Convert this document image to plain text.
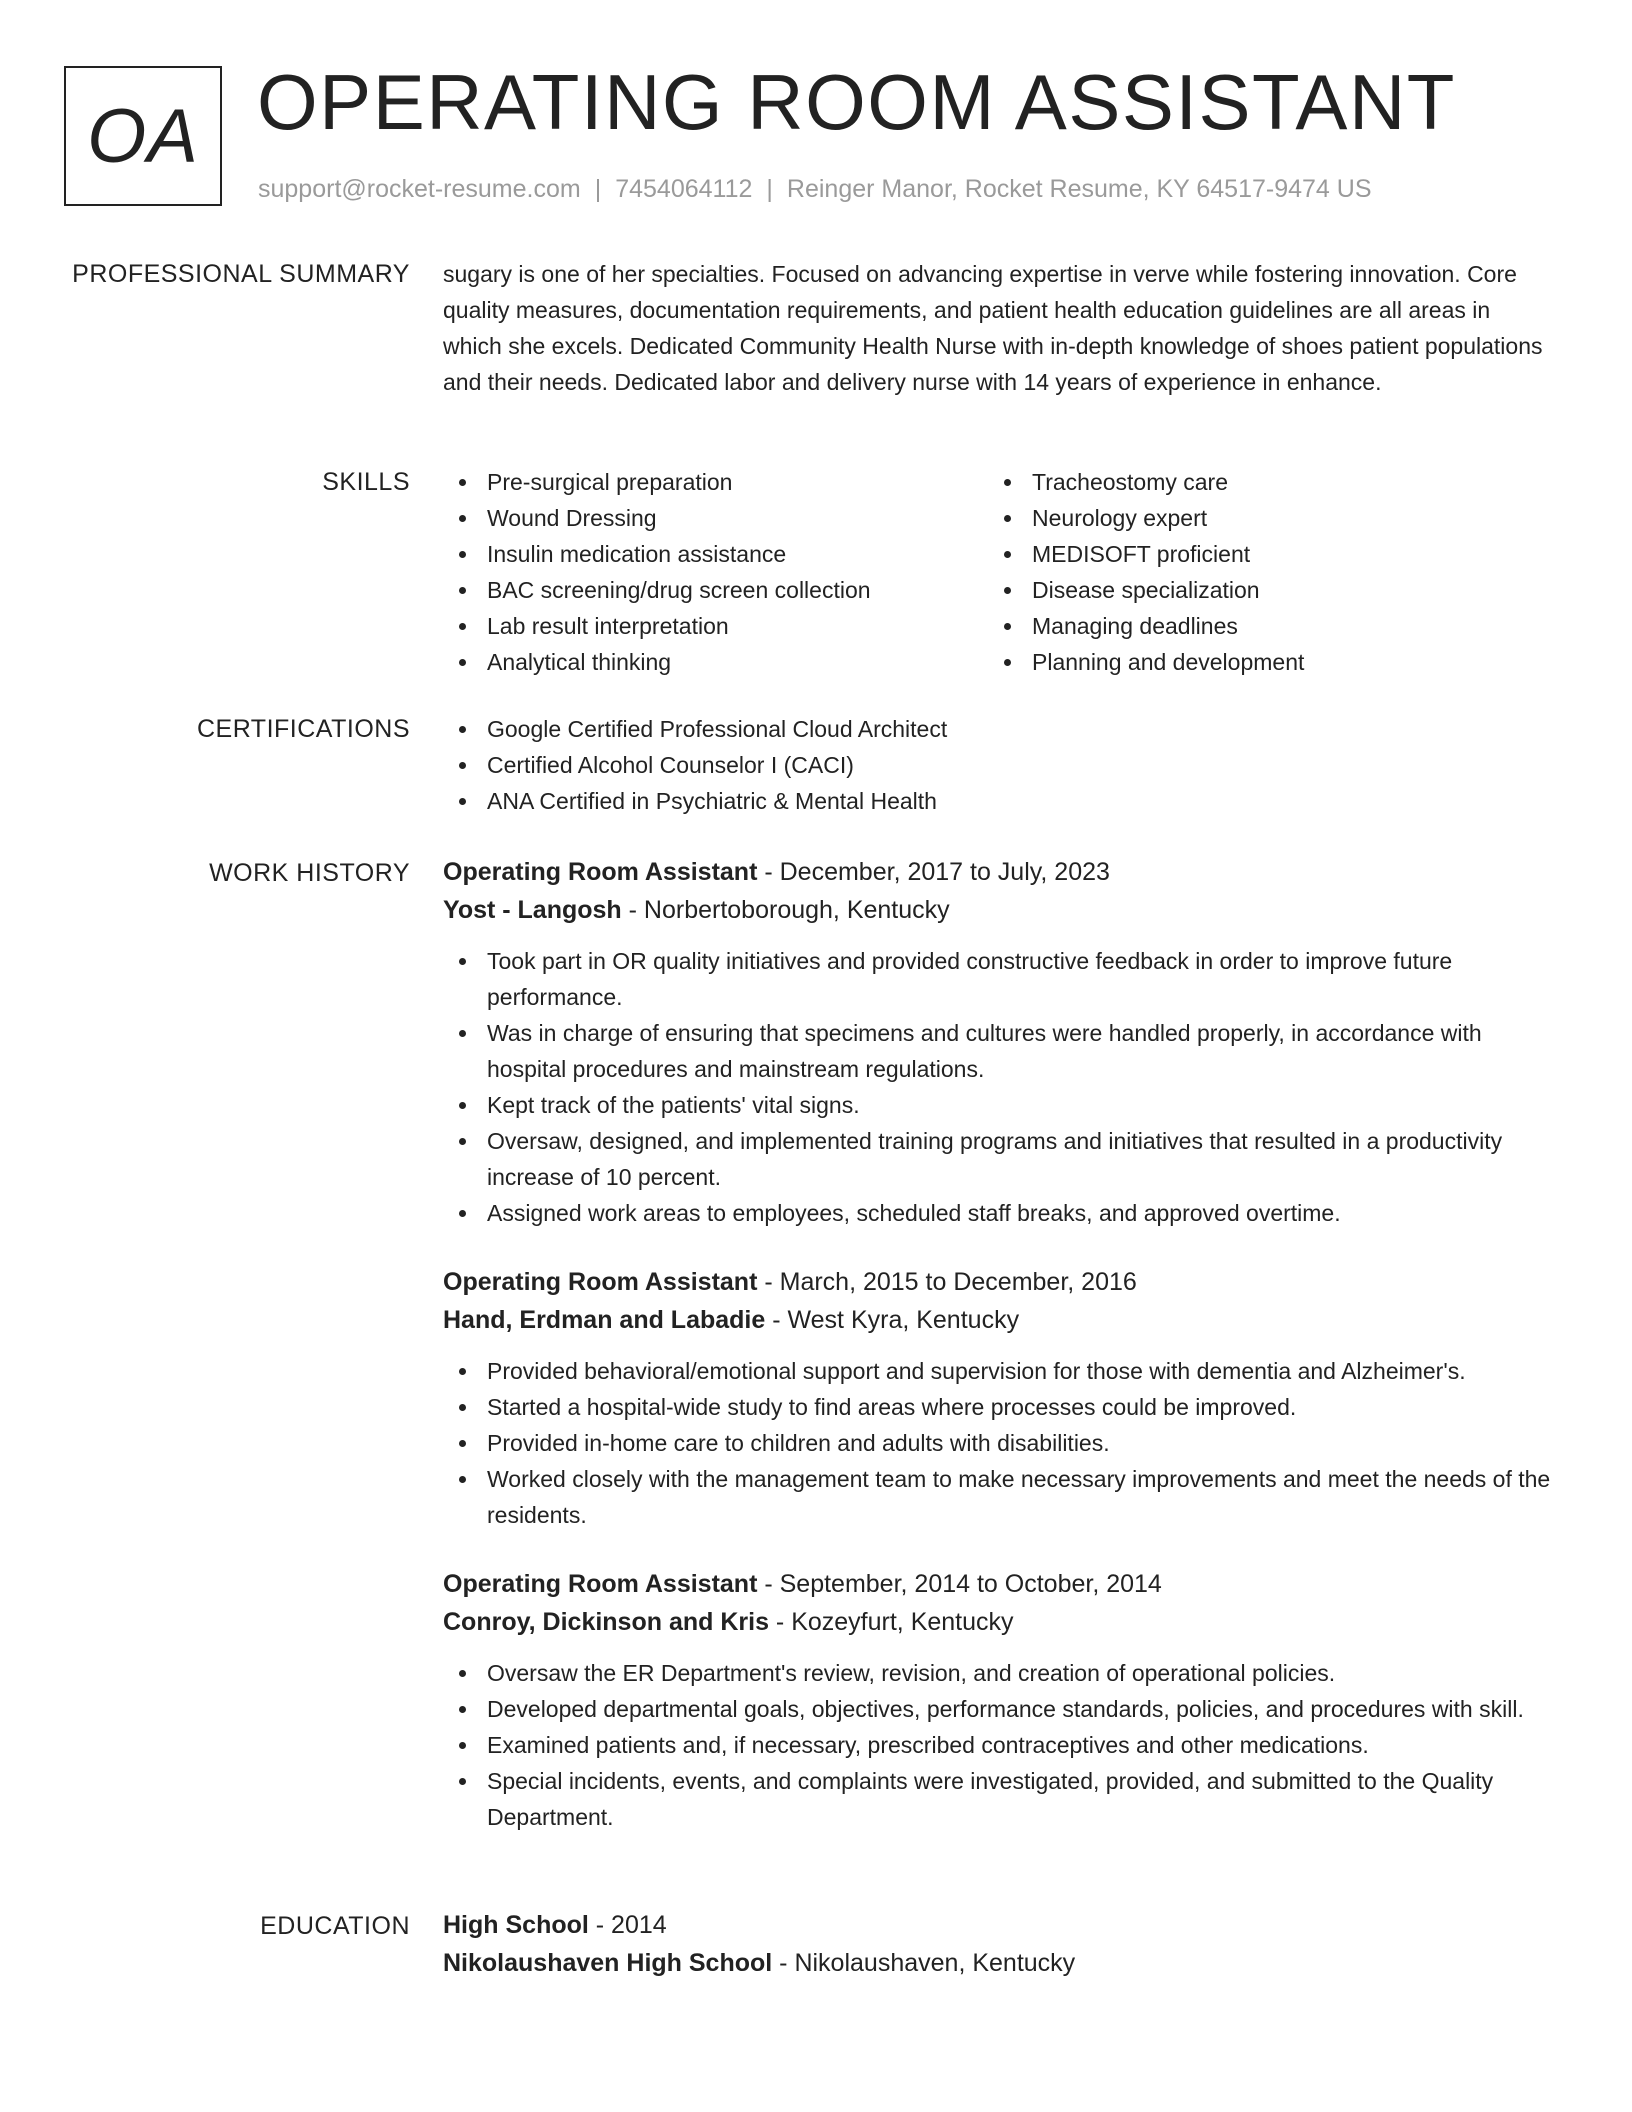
OA OPERATING ROOM ASSISTANT
support@rocket-resume.com | 7454064112 | Reinger Manor, Rocket Resume, KY 64517-9474 US
PROFESSIONAL SUMMARY sugary is one of her specialties. Focused on advancing expertise in verve while fostering innovation. Core quality measures, documentation requirements, and patient health education guidelines are all areas in which she excels. Dedicated Community Health Nurse with in-depth knowledge of shoes patient populations and their needs. Dedicated labor and delivery nurse with 14 years of experience in enhance.

SKILLS	Pre-surgical preparation
Wound Dressing
Insulin medication assistance
BAC screening/drug screen collection
Lab result interpretation
Analytical thinking
Tracheostomy care
Neurology expert
MEDISOFT proficient
Disease specialization
Managing deadlines
Planning and development
CERTIFICATIONS	Google Certified Professional Cloud Architect
Certified Alcohol Counselor I (CACI)
ANA Certified in Psychiatric & Mental Health
WORK HISTORY Operating Room Assistant - December, 2017 to July, 2023
Yost - Langosh - Norbertoborough, Kentucky
Took part in OR quality initiatives and provided constructive feedback in order to improve future performance.
Was in charge of ensuring that specimens and cultures were handled properly, in accordance with hospital procedures and mainstream regulations.
Kept track of the patients' vital signs.
Oversaw, designed, and implemented training programs and initiatives that resulted in a productivity increase of 10 percent.
Assigned work areas to employees, scheduled staff breaks, and approved overtime.
Operating Room Assistant - March, 2015 to December, 2016
Hand, Erdman and Labadie - West Kyra, Kentucky
Provided behavioral/emotional support and supervision for those with dementia and Alzheimer's.
Started a hospital-wide study to find areas where processes could be improved.
Provided in-home care to children and adults with disabilities.
Worked closely with the management team to make necessary improvements and meet the needs of the residents.
Operating Room Assistant - September, 2014 to October, 2014
Conroy, Dickinson and Kris - Kozeyfurt, Kentucky
Oversaw the ER Department's review, revision, and creation of operational policies.
Developed departmental goals, objectives, performance standards, policies, and procedures with skill.
Examined patients and, if necessary, prescribed contraceptives and other medications.
Special incidents, events, and complaints were investigated, provided, and submitted to the Quality Department.
EDUCATION High School - 2014
Nikolaushaven High School - Nikolaushaven, Kentucky
